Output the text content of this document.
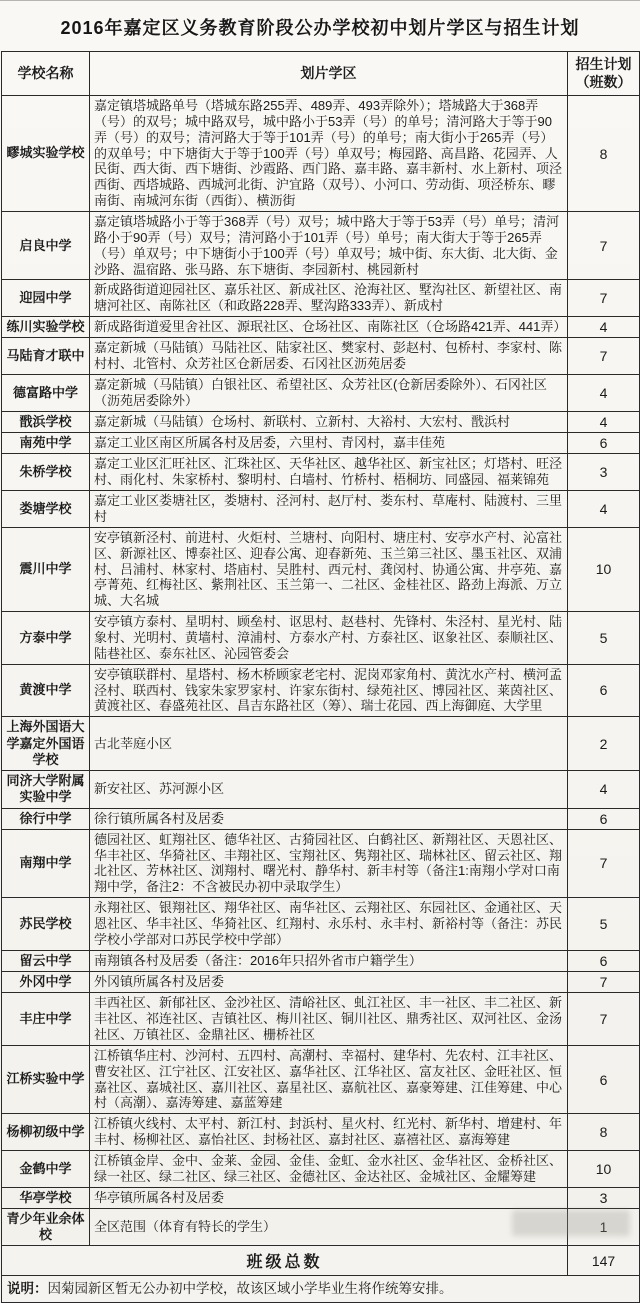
2016年嘉定区义务教育阶段公办学校初中划片学区与招生计划
学校名称	划片学区	招生计划（班数）
疁城实验学校	嘉定镇塔城路单号（塔城东路255弄、489弄、493弄除外）；塔城路大于368弄（号）的双号；城中路双号，城中路小于53弄（号）的单号；清河路大于等于90弄（号）的双号；清河路大于等于101弄（号）的单号；南大街小于265弄（号）的双单号；中下塘街大于等于100弄（号）单双号；梅园路、高昌路、花园弄、人民街、西大街、西下塘街、沙霞路、西门路、嘉丰路、嘉丰新村、水上新村、项泾西街、西塔城路、西城河北街、沪宜路（双号）、小河口、劳动街、项泾桥东、疁南街、南城河东街（西街）、横沥街	8
启良中学	嘉定镇塔城路小于等于368弄（号）双号；城中路大于等于53弄（号）单号；清河路小于90弄（号）双号；清河路小于101弄（号）单号；南大街大于等于265弄（号）单双号；中下塘街小于100弄（号）单双号；城中街、东大街、北大街、金沙路、温宿路、张马路、东下塘街、李园新村、桃园新村	7
迎园中学	新成路街道迎园社区、嘉乐社区、新成社区、沧海社区、墅沟社区、新望社区、南塘河社区、南陈社区（和政路228弄、墅沟路333弄）、新成村	7
练川实验学校	新成路街道爱里舍社区、源珉社区、仓场社区、南陈社区（仓场路421弄、441弄）	4
马陆育才联中	嘉定新城（马陆镇）马陆社区、陆家社区、樊家村、彭赵村、包桥村、李家村、陈村村、北管村、众芳社区仓新居委、石冈社区沥苑居委	7
德富路中学	嘉定新城（马陆镇）白银社区、希望社区、众芳社区(仓新居委除外）、石冈社区（沥苑居委除外）	4
戬浜学校	嘉定新城（马陆镇）仓场村、新联村、立新村、大裕村、大宏村、戬浜村	4
南苑中学	嘉定工业区南区所属各村及居委，六里村、青冈村，嘉丰佳苑	6
朱桥学校	嘉定工业区汇旺社区、汇珠社区、天华社区、越华社区、新宝社区；灯塔村、旺泾村、雨化村、朱家桥村、黎明村、白墙村、竹桥村、梧桐坊、同盛园、福莱锦苑	3
娄塘学校	嘉定工业区娄塘社区，娄塘村、泾河村、赵厅村、娄东村、草庵村、陆渡村、三里村	4
震川中学	安亭镇新泾村、前进村、火炬村、兰塘村、向阳村、塘庄村、安亭水产村、沁富社区、新源社区、博泰社区、迎春公寓、迎春新苑、玉兰第三社区、墨玉社区、双浦村、吕浦村、林家村、塔庙村、吴胜村、西元村、龚闵村、协通公寓、井亭苑、嘉亭菁苑、红梅社区、紫荆社区、玉兰第一、二社区、金桂社区、路劲上海派、万立城、大名城	10
方泰中学	安亭镇方泰村、星明村、顾垒村、讴思村、赵巷村、先锋村、朱泾村、星光村、陆象村、光明村、黄墙村、漳浦村、方泰水产村、方泰社区、讴象社区、泰顺社区、陆巷社区、泰东社区、沁园管委会	5
黄渡中学	安亭镇联群村、星塔村、杨木桥顾家老宅村、泥岗邓家角村、黄沈水产村、横河孟泾村、联西村、钱家朱家罗家村、许家东街村、绿苑社区、博园社区、莱茵社区、黄渡社区、春盛苑社区、昌吉东路社区（筹）、瑞士花园、西上海御庭、大学里	6
上海外国语大学嘉定外国语学校	古北莘庭小区	2
同济大学附属实验中学	新安社区、苏河源小区	4
徐行中学	徐行镇所属各村及居委	6
南翔中学	德园社区、虹翔社区、德华社区、古猗园社区、白鹤社区、新翔社区、天恩社区、华丰社区、华猗社区、丰翔社区、宝翔社区、隽翔社区、瑞林社区、留云社区、翔北社区、芳林社区、浏翔村、曙光村、静华村、新丰村等（备注1:南翔小学对口南翔中学，备注2：不含被民办初中录取学生）	7
苏民学校	永翔社区、银翔社区、翔华社区、南华社区、云翔社区、东园社区、金通社区、天恩社区、华丰社区、华猗社区、红翔村、永乐村、永丰村、新裕村等（备注：苏民学校小学部对口苏民学校中学部）	5
留云中学	南翔镇各村及居委（备注：2016年只招外省市户籍学生）	6
外冈中学	外冈镇所属各村及居委	7
丰庄中学	丰西社区、新郁社区、金沙社区、清峪社区、虬江社区、丰一社区、丰二社区、新丰社区、祁连社区、吉镇社区、梅川社区、铜川社区、鼎秀社区、双河社区、金汤社区、万镇社区、金鼎社区、栅桥社区	7
江桥实验中学	江桥镇华庄村、沙河村、五四村、高潮村、幸福村、建华村、先农村、江丰社区、曹安社区、江宁社区、江安社区、嘉华社区、江华社区、富友社区、金旺社区、恒嘉社区、嘉城社区、嘉川社区、嘉星社区、嘉航社区、嘉豪筹建、江佳筹建、中心村（高潮）、嘉涛筹建、嘉蓝筹建	6
杨柳初级中学	江桥镇火线村、太平村、新江村、封浜村、星火村、红光村、新华村、增建村、年丰村、杨柳社区、嘉怡社区、封杨社区、嘉封社区、嘉禧社区、嘉海筹建	8
金鹤中学	江桥镇金岸、金中、金莱、金园、金佳、金虹、金水社区、金华社区、金桥社区、绿一社区、绿二社区、绿三社区、金德社区、金达社区、金城社区、金耀筹建	10
华亭学校	华亭镇所属各村及居委	3
青少年业余体校	全区范围（体育有特长的学生）	1
班级总数		147
说明：因菊园新区暂无公办初中学校，故该区域小学毕业生将作统筹安排。		
